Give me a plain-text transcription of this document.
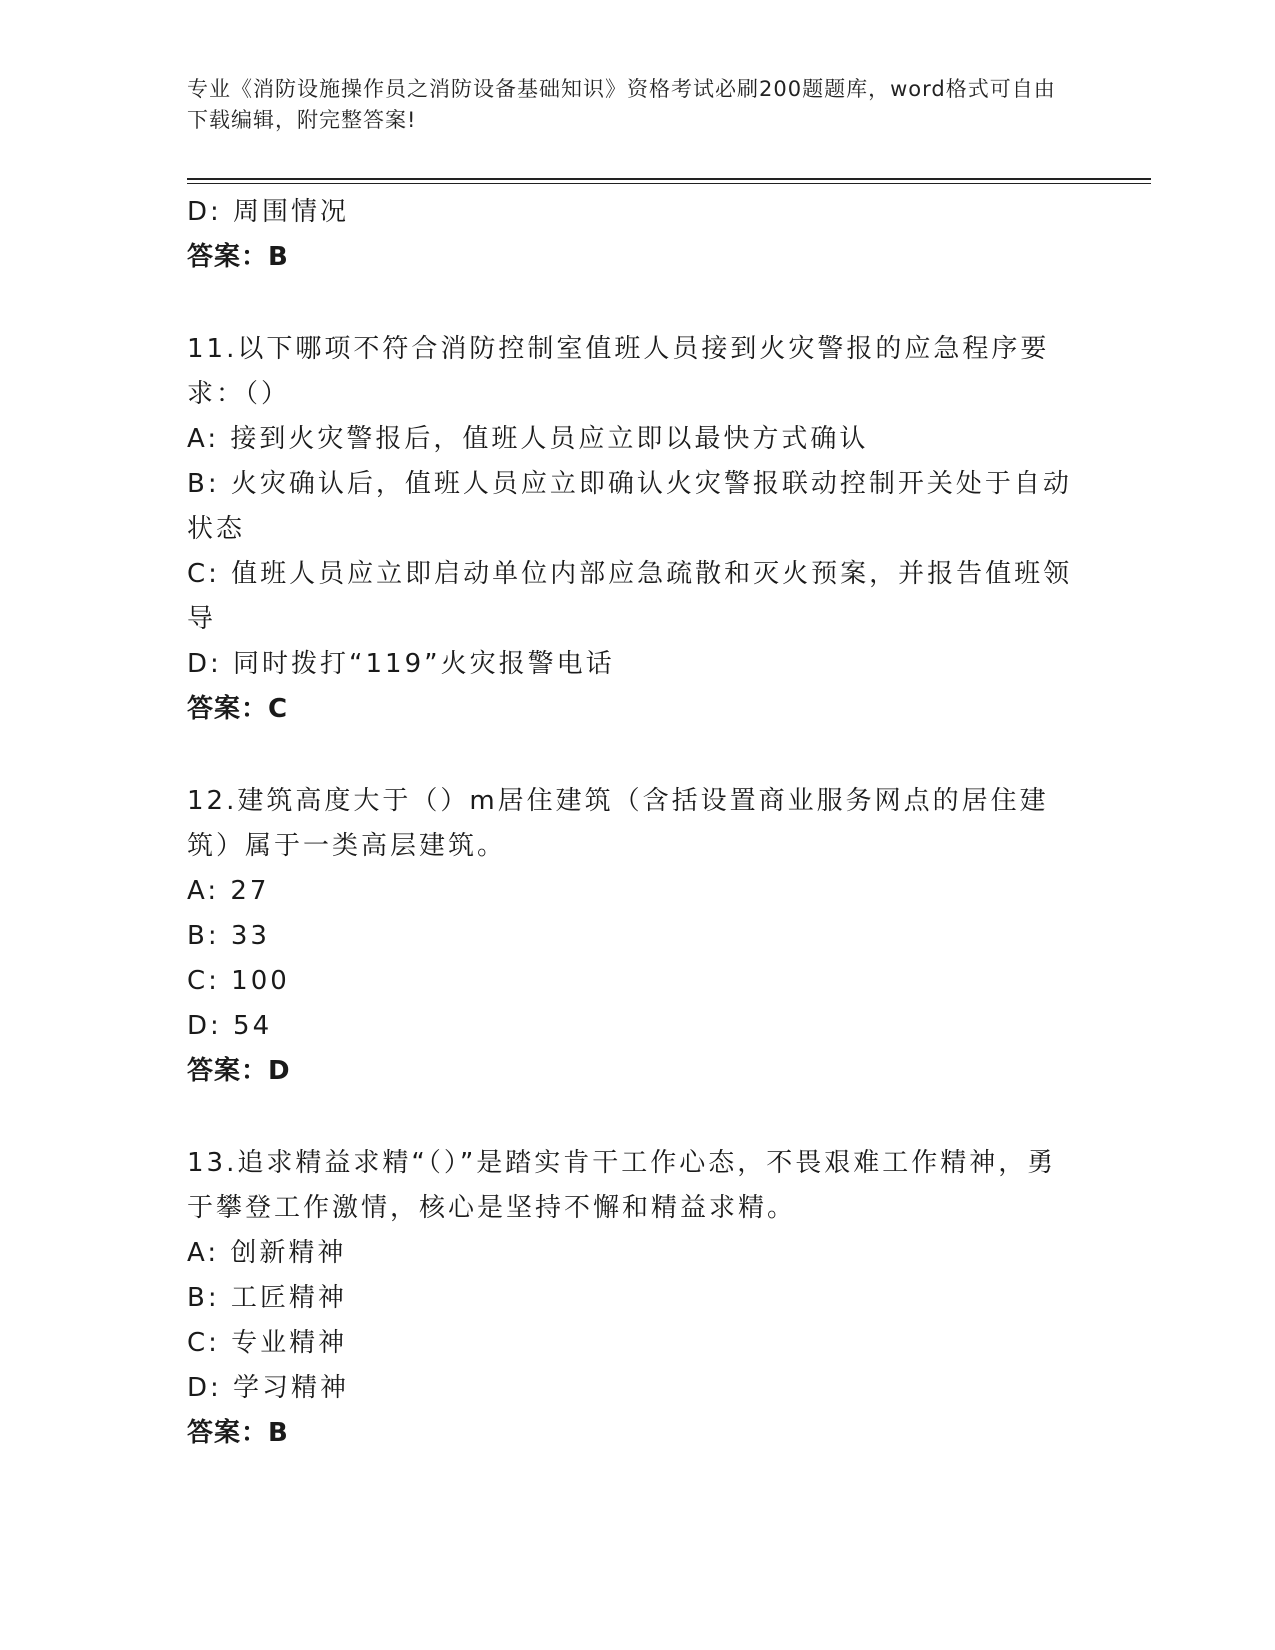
专业《消防设施操作员之消防设备基础知识》资格考试必刷200题题库，word格式可自由下载编辑，附完整答案!

D: 周围情况

答案：B

11.以下哪项不符合消防控制室值班人员接到火灾警报的应急程序要求：（）

A: 接到火灾警报后，值班人员应立即以最快方式确认

B: 火灾确认后，值班人员应立即确认火灾警报联动控制开关处于自动状态

C: 值班人员应立即启动单位内部应急疏散和灭火预案，并报告值班领导

D: 同时拨打“119”火灾报警电话

答案：C

12.建筑高度大于（）m居住建筑（含括设置商业服务网点的居住建筑）属于一类高层建筑。

A: 27

B: 33

C: 100

D: 54

答案：D

13.追求精益求精“（）”是踏实肯干工作心态，不畏艰难工作精神，勇于攀登工作激情，核心是坚持不懈和精益求精。

A: 创新精神

B: 工匠精神

C: 专业精神

D: 学习精神

答案：B
